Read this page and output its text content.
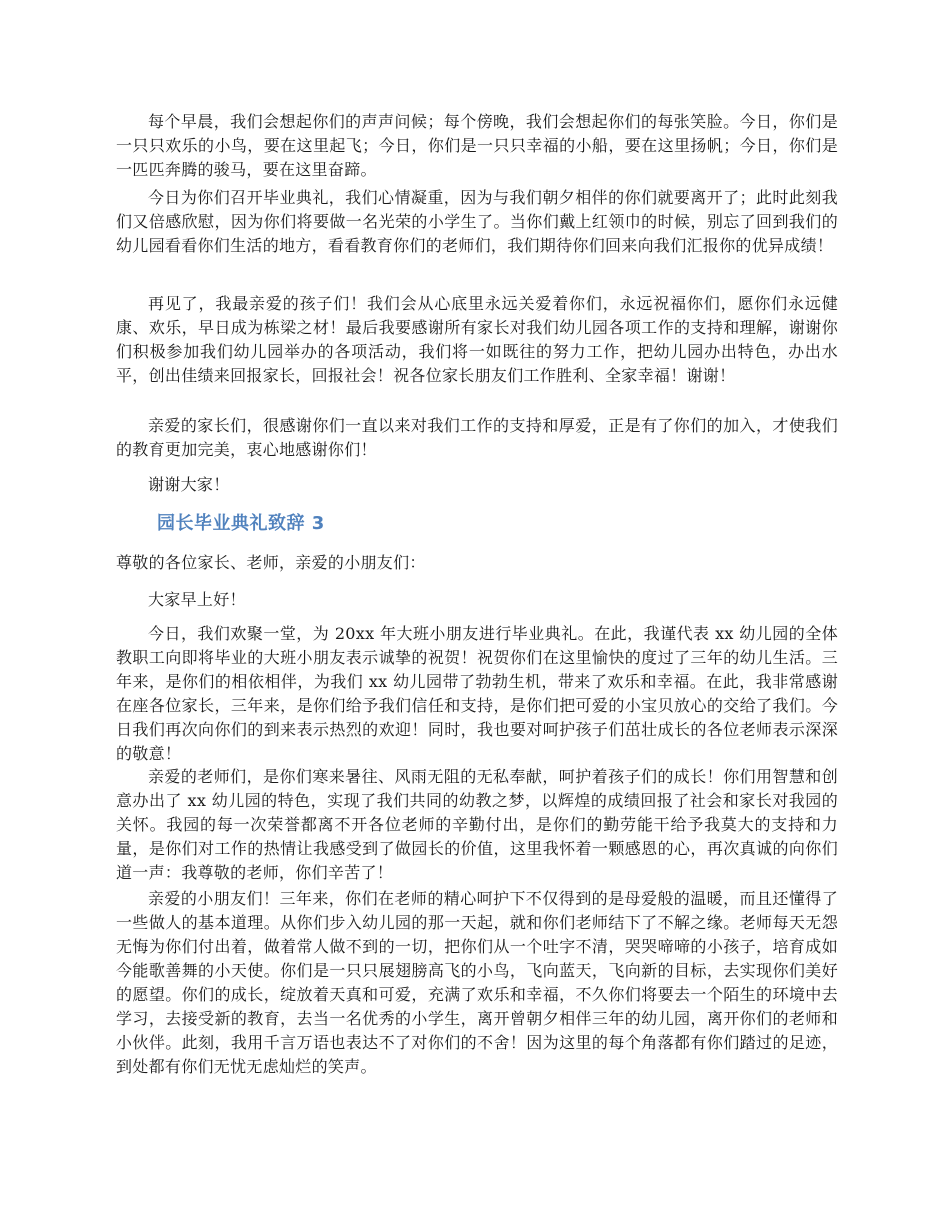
每个早晨，我们会想起你们的声声问候；每个傍晚，我们会想起你们的每张笑脸。今日，你们是一只只欢乐的小鸟，要在这里起飞；今日，你们是一只只幸福的小船，要在这里扬帆；今日，你们是一匹匹奔腾的骏马，要在这里奋蹄。

今日为你们召开毕业典礼，我们心情凝重，因为与我们朝夕相伴的你们就要离开了；此时此刻我们又倍感欣慰，因为你们将要做一名光荣的小学生了。当你们戴上红领巾的时候，别忘了回到我们的幼儿园看看你们生活的地方，看看教育你们的老师们，我们期待你们回来向我们汇报你的优异成绩！

再见了，我最亲爱的孩子们！我们会从心底里永远关爱着你们，永远祝福你们，愿你们永远健康、欢乐，早日成为栋梁之材！最后我要感谢所有家长对我们幼儿园各项工作的支持和理解，谢谢你们积极参加我们幼儿园举办的各项活动，我们将一如既往的努力工作，把幼儿园办出特色，办出水平，创出佳绩来回报家长，回报社会！祝各位家长朋友们工作胜利、全家幸福！谢谢！

亲爱的家长们，很感谢你们一直以来对我们工作的支持和厚爱，正是有了你们的加入，才使我们的教育更加完美，衷心地感谢你们！

谢谢大家！

园长毕业典礼致辞 3

尊敬的各位家长、老师，亲爱的小朋友们：

大家早上好！

今日，我们欢聚一堂，为 20xx 年大班小朋友进行毕业典礼。在此，我谨代表 xx 幼儿园的全体教职工向即将毕业的大班小朋友表示诚挚的祝贺！祝贺你们在这里愉快的度过了三年的幼儿生活。三年来，是你们的相依相伴，为我们 xx 幼儿园带了勃勃生机，带来了欢乐和幸福。在此，我非常感谢在座各位家长，三年来，是你们给予我们信任和支持，是你们把可爱的小宝贝放心的交给了我们。今日我们再次向你们的到来表示热烈的欢迎！同时，我也要对呵护孩子们茁壮成长的各位老师表示深深的敬意！

亲爱的老师们，是你们寒来暑往、风雨无阻的无私奉献，呵护着孩子们的成长！你们用智慧和创意办出了 xx 幼儿园的特色，实现了我们共同的幼教之梦，以辉煌的成绩回报了社会和家长对我园的关怀。我园的每一次荣誉都离不开各位老师的辛勤付出，是你们的勤劳能干给予我莫大的支持和力量，是你们对工作的热情让我感受到了做园长的价值，这里我怀着一颗感恩的心，再次真诚的向你们道一声：我尊敬的老师，你们辛苦了！

亲爱的小朋友们！三年来，你们在老师的精心呵护下不仅得到的是母爱般的温暖，而且还懂得了一些做人的基本道理。从你们步入幼儿园的那一天起，就和你们老师结下了不解之缘。老师每天无怨无悔为你们付出着，做着常人做不到的一切，把你们从一个吐字不清，哭哭啼啼的小孩子，培育成如今能歌善舞的小天使。你们是一只只展翅膀高飞的小鸟，飞向蓝天，飞向新的目标，去实现你们美好的愿望。你们的成长，绽放着天真和可爱，充满了欢乐和幸福，不久你们将要去一个陌生的环境中去学习，去接受新的教育，去当一名优秀的小学生，离开曾朝夕相伴三年的幼儿园，离开你们的老师和小伙伴。此刻，我用千言万语也表达不了对你们的不舍！因为这里的每个角落都有你们踏过的足迹，到处都有你们无忧无虑灿烂的笑声。
